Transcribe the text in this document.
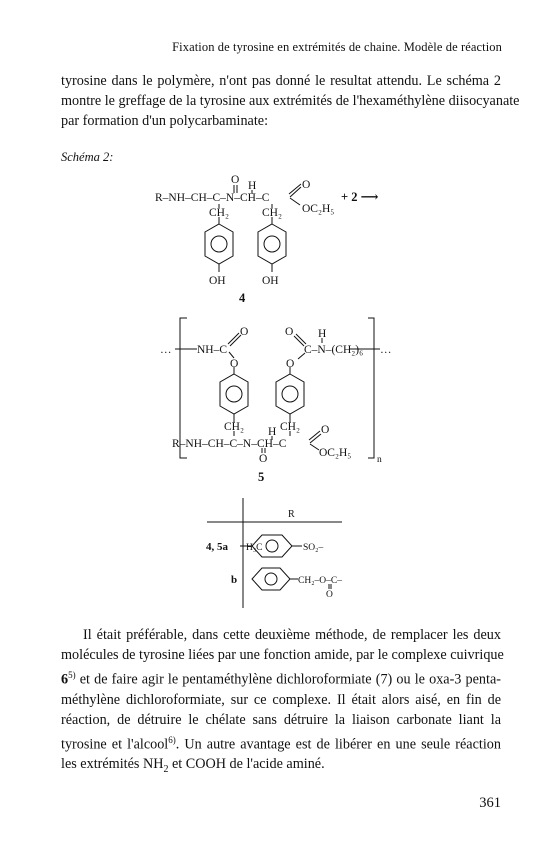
Fixation de tyrosine en extrémités de chaine. Modèle de réaction
tyrosine dans le polymère, n'ont pas donné le resultat attendu. Le schéma 2
montre le greffage de la tyrosine aux extrémités de l'hexaméthylène diisocyanate
par formation d'un polycarbaminate:
Schéma 2:
R–NH–CH–C–N–CH–C
O H	O
OC₂H₅
CH₂	CH₂
OH	OH
+ 2 ⟶
4
… NH–C
O
O
O H
C–N–(CH₂)₆ …
O
CH₂	CH₂
R–NH–CH–C–N–CH–C
H
O
O
OC₂H₅
n
5
R
4, 5a H₃C	SO₂–
b	CH₂–O–C–
O
Il était préférable, dans cette deuxième méthode, de remplacer les deux
molécules de tyrosine liées par une fonction amide, par le complexe cuivrique
6$^{5)}$ et de faire agir le pentaméthylène dichloroformiate (7) ou le oxa-3 penta-
méthylène dichloroformiate, sur ce complexe. Il était alors aisé, en fin de
réaction, de détruire le chélate sans détruire la liaison carbonate liant la
tyrosine et l'alcool$^{6)}$. Un autre avantage est de libérer en une seule réaction
les extrémités $NH_2$ et COOH de l'acide aminé.
361
